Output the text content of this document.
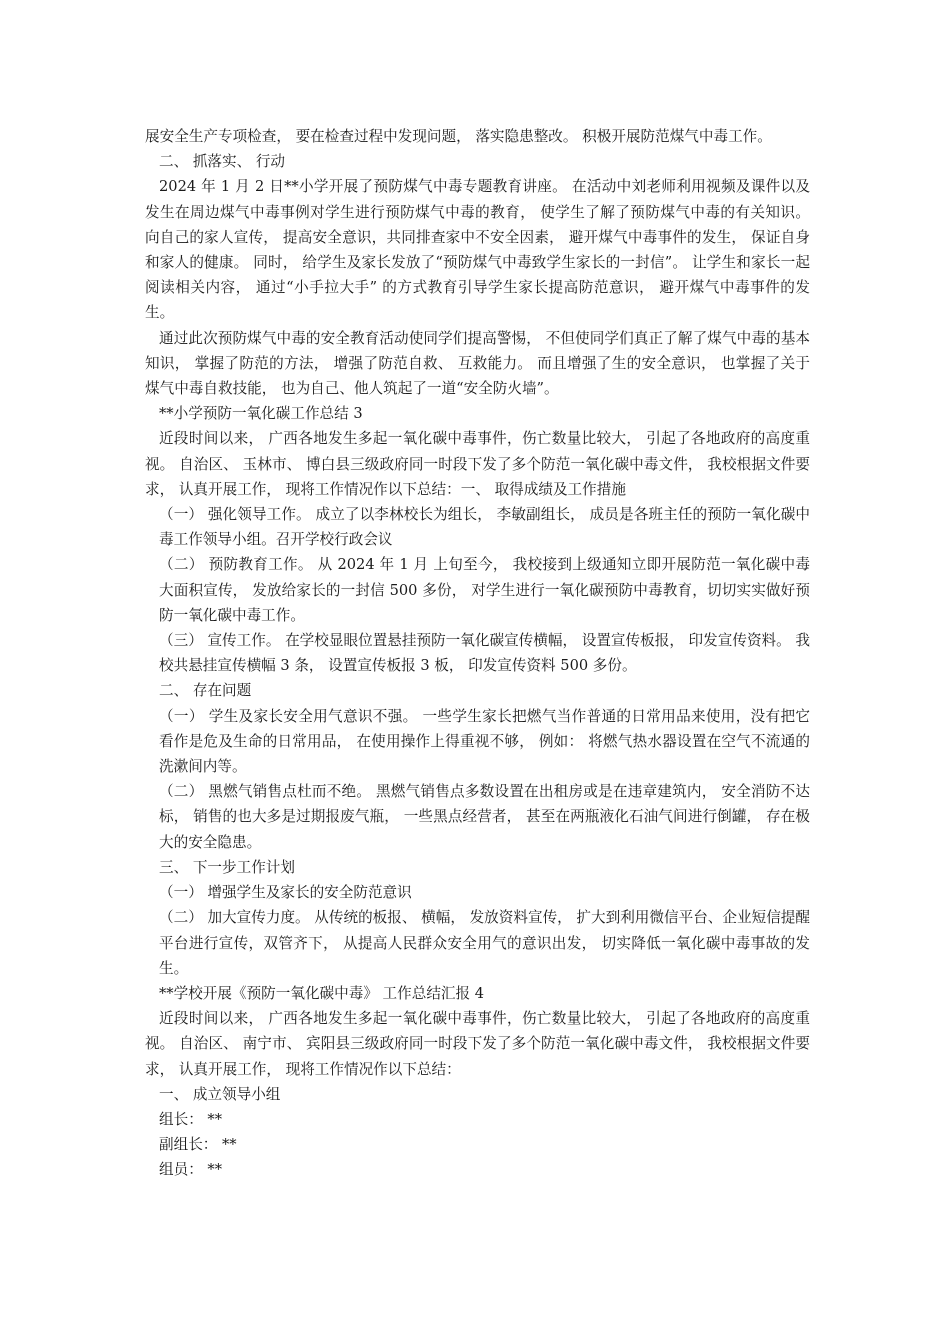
展安全生产专项检查， 要在检查过程中发现问题， 落实隐患整改。 积极开展防范煤气中毒工作。

二、 抓落实、 行动

2024 年 1 月 2 日**小学开展了预防煤气中毒专题教育讲座。 在活动中刘老师利用视频及课件以及发生在周边煤气中毒事例对学生进行预防煤气中毒的教育， 使学生了解了预防煤气中毒的有关知识。 向自己的家人宣传， 提高安全意识，共同排查家中不安全因素， 避开煤气中毒事件的发生， 保证自身和家人的健康。 同时， 给学生及家长发放了“预防煤气中毒致学生家长的一封信”。 让学生和家长一起阅读相关内容， 通过“小手拉大手” 的方式教育引导学生家长提高防范意识， 避开煤气中毒事件的发生。

通过此次预防煤气中毒的安全教育活动使同学们提高警惕， 不但使同学们真正了解了煤气中毒的基本知识， 掌握了防范的方法， 增强了防范自救、 互救能力。 而且增强了生的安全意识， 也掌握了关于煤气中毒自救技能， 也为自己、他人筑起了一道“安全防火墙”。

**小学预防一氧化碳工作总结 3

近段时间以来， 广西各地发生多起一氧化碳中毒事件，伤亡数量比较大， 引起了各地政府的高度重视。 自治区、 玉林市、 博白县三级政府同一时段下发了多个防范一氧化碳中毒文件， 我校根据文件要求， 认真开展工作， 现将工作情况作以下总结：一、 取得成绩及工作措施

（一） 强化领导工作。 成立了以李林校长为组长， 李敏副组长， 成员是各班主任的预防一氧化碳中毒工作领导小组。召开学校行政会议

（二） 预防教育工作。 从 2024 年 1 月 上旬至今， 我校接到上级通知立即开展防范一氧化碳中毒大面积宣传， 发放给家长的一封信 500 多份， 对学生进行一氧化碳预防中毒教育，切切实实做好预防一氧化碳中毒工作。

（三） 宣传工作。 在学校显眼位置悬挂预防一氧化碳宣传横幅， 设置宣传板报， 印发宣传资料。 我校共悬挂宣传横幅 3 条， 设置宣传板报 3 板， 印发宣传资料 500 多份。

二、 存在问题

（一） 学生及家长安全用气意识不强。 一些学生家长把燃气当作普通的日常用品来使用，没有把它看作是危及生命的日常用品， 在使用操作上得重视不够， 例如： 将燃气热水器设置在空气不流通的洗漱间内等。

（二） 黑燃气销售点杜而不绝。 黑燃气销售点多数设置在出租房或是在违章建筑内， 安全消防不达标， 销售的也大多是过期报废气瓶， 一些黑点经营者， 甚至在两瓶液化石油气间进行倒罐， 存在极大的安全隐患。

三、 下一步工作计划

（一） 增强学生及家长的安全防范意识

（二） 加大宣传力度。 从传统的板报、 横幅， 发放资料宣传， 扩大到利用微信平台、企业短信提醒平台进行宣传，双管齐下， 从提高人民群众安全用气的意识出发， 切实降低一氧化碳中毒事故的发生。

**学校开展《预防一氧化碳中毒》 工作总结汇报 4

近段时间以来， 广西各地发生多起一氧化碳中毒事件，伤亡数量比较大， 引起了各地政府的高度重视。 自治区、 南宁市、 宾阳县三级政府同一时段下发了多个防范一氧化碳中毒文件， 我校根据文件要求， 认真开展工作， 现将工作情况作以下总结：

一、 成立领导小组

组长： **

副组长： **

组员： **
